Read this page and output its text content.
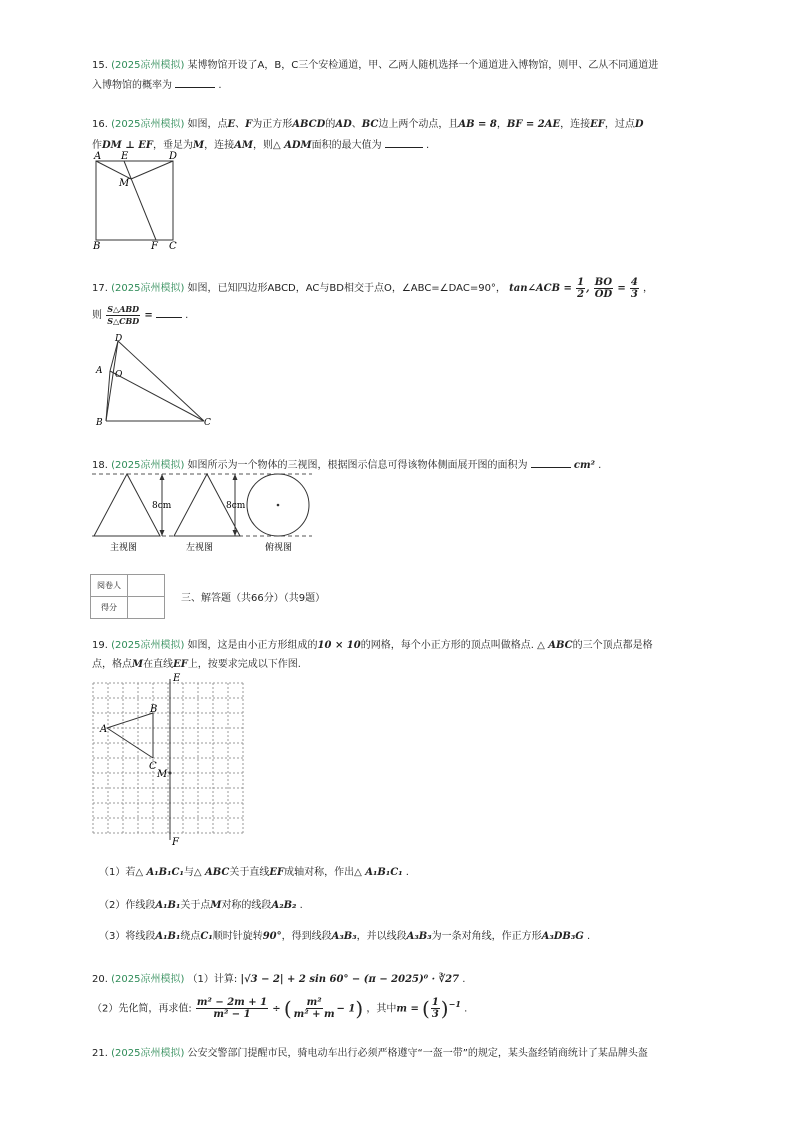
15. (2025凉州模拟) 某博物馆开设了A，B，C三个安检通道，甲、乙两人随机选择一个通道进入博物馆，则甲、乙从不同通道进
入博物馆的概率为	.
16. (2025凉州模拟) 如图，点E、F为正方形ABCD的AD、BC边上两个动点，且AB = 8，BF = 2AE，连接EF，过点D
作DM ⊥ EF，垂足为M，连接AM，则△ ADM面积的最大值为	.
A E	D
M
B	F C
17. (2025凉州模拟) 如图，已知四边形ABCD，AC与BD相交于点O，∠ABC=∠DAC=90°， tan∠ACB = $\frac{1}{2}$ , $\frac{BO}{OD} = \frac{4}{3}$ ，
则 $\frac{\text{S△ABD}}{\text{S△CBD}}$ =	.
D
A O
B	C
18. (2025凉州模拟) 如图所示为一个物体的三视图，根据图示信息可得该物体侧面展开图的面积为	cm² .
8cm	8cm
主视图	左视图	俯视图
阅卷人	
得分	
三、解答题（共66分）（共9题）
19. (2025凉州模拟) 如图，这是由小正方形组成的10 × 10的网格，每个小正方形的顶点叫做格点. △ ABC的三个顶点都是格
点，格点M在直线EF上，按要求完成以下作图.
E
F
A
B
C
M
（1）若△ A₁B₁C₁与△ ABC关于直线EF成轴对称，作出△ A₁B₁C₁ .
（2）作线段A₁B₁关于点M对称的线段A₂B₂ .
（3）将线段A₁B₁绕点C₁顺时针旋转90°，得到线段A₃B₃，并以线段A₃B₃为一条对角线，作正方形A₃DB₃G .
20. (2025凉州模拟) （1）计算: |√3 − 2| + 2 sin 60° − (π − 2025)⁰ · ∛27 .
（2）先化简，再求值: $\frac{\text{m² − 2m + 1}}{\text{m² − 1}}$ ÷ ( $\frac{\text{m²}}{\text{m² + m}} - 1$) ，其中m = ( $\frac{1}{3} )^{-1}$ .
21. (2025凉州模拟) 公安交警部门提醒市民，骑电动车出行必须严格遵守“一盔一带”的规定，某头盔经销商统计了某品牌头盔
